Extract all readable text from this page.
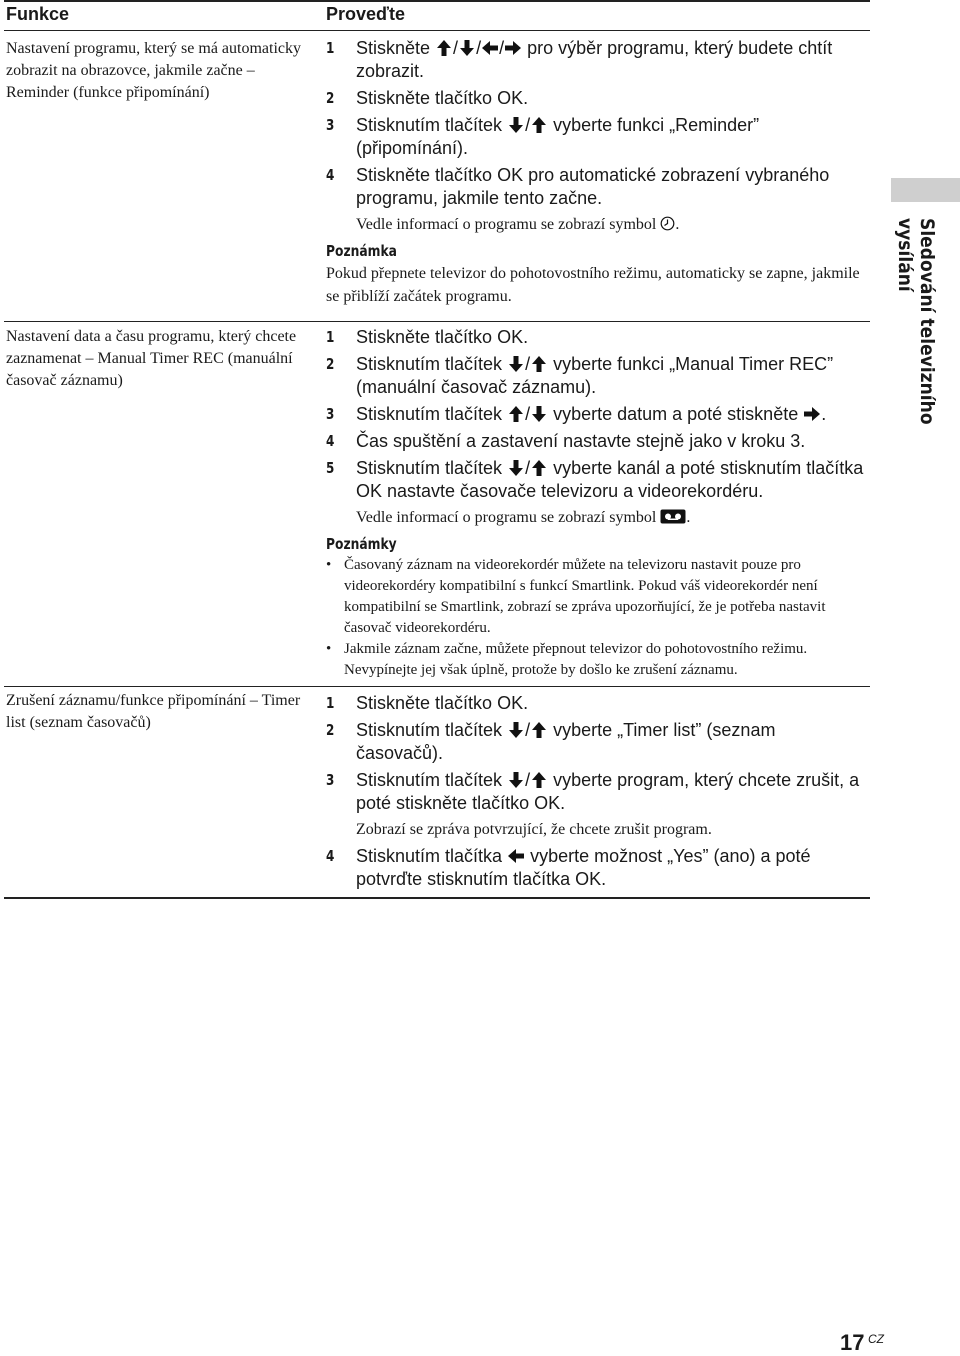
Funkce	Proveďte
Nastavení programu, který se má automaticky zobrazit na obrazovce, jakmile začne – Reminder (funkce připomínání)
1 Stiskněte
/ / /
pro výběr programu, který budete chtít zobrazit.
2 Stiskněte tlačítko OK.
3 Stisknutím tlačítek
/
vyberte funkci „Reminder” (připomínání).
4 Stiskněte tlačítko OK pro automatické zobrazení vybraného programu, jakmile tento začne.
Vedle informací o programu se zobrazí symbol .
Poznámka
Pokud přepnete televizor do pohotovostního režimu, automaticky se zapne, jakmile se přiblíží začátek programu.
Nastavení data a času programu, který chcete zaznamenat – Manual Timer REC (manuální časovač záznamu)
1 Stiskněte tlačítko OK.
2 Stisknutím tlačítek
/
vyberte funkci „Manual Timer REC” (manuální časovač záznamu).
3 Stisknutím tlačítek
/
vyberte datum a poté stiskněte
.
4 Čas spuštění a zastavení nastavte stejně jako v kroku 3.
5 Stisknutím tlačítek
/
vyberte kanál a poté stisknutím tlačítka OK nastavte časovače televizoru a videorekordéru.
Vedle informací o programu se zobrazí symbol .
Poznámky
• Časovaný záznam na videorekordér můžete na televizoru nastavit pouze pro videorekordéry kompatibilní s funkcí Smartlink. Pokud váš videorekordér není kompatibilní se Smartlink, zobrazí se zpráva upozorňující, že je potřeba nastavit časovač videorekordéru.
• Jakmile záznam začne, můžete přepnout televizor do pohotovostního režimu. Nevypínejte jej však úplně, protože by došlo ke zrušení záznamu.
Zrušení záznamu/funkce připomínání – Timer list (seznam časovačů)
1 Stiskněte tlačítko OK.
2 Stisknutím tlačítek
/
vyberte „Timer list” (seznam časovačů).
3 Stisknutím tlačítek
/
vyberte program, který chcete zrušit, a poté stiskněte tlačítko OK.
Zobrazí se zpráva potvrzující, že chcete zrušit program.
4 Stisknutím tlačítka
vyberte možnost „Yes” (ano) a poté potvrďte stisknutím tlačítka OK.
Sledování televizního vysílání
17 CZ
